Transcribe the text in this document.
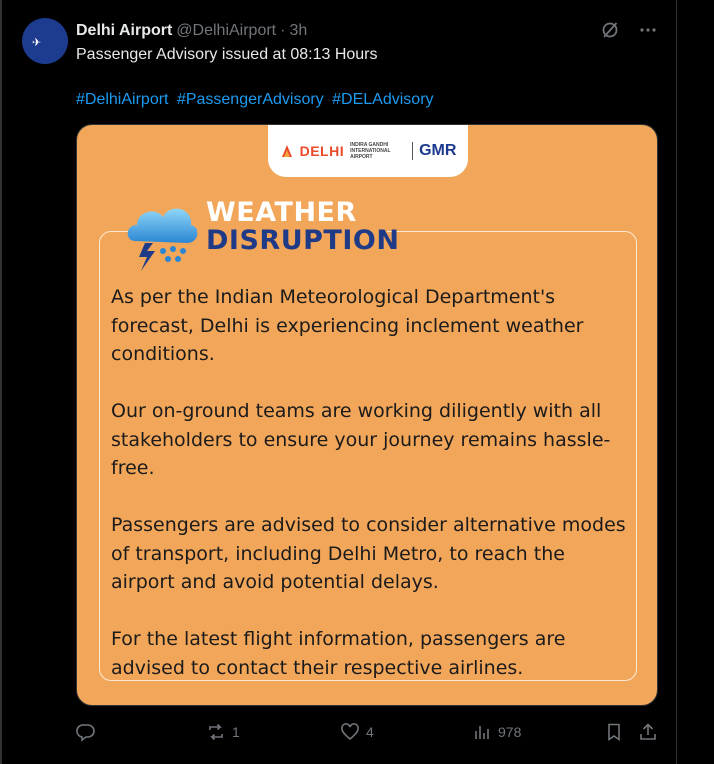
✈
Delhi Airport @DelhiAirport · 3h
Passenger Advisory issued at 08:13 Hours
#DelhiAirport #PassengerAdvisory #DELAdvisory
DELHI INDIRA GANDHI INTERNATIONAL AIRPORT	GMR
WEATHER
DISRUPTION

As per the Indian Meteorological Department's forecast, Delhi is experiencing inclement weather conditions.

Our on-ground teams are working diligently with all stakeholders to ensure your journey remains hassle-free.

Passengers are advised to consider alternative modes of transport, including Delhi Metro, to reach the airport and avoid potential delays.

For the latest flight information, passengers are advised to contact their respective airlines.

1	4	978
